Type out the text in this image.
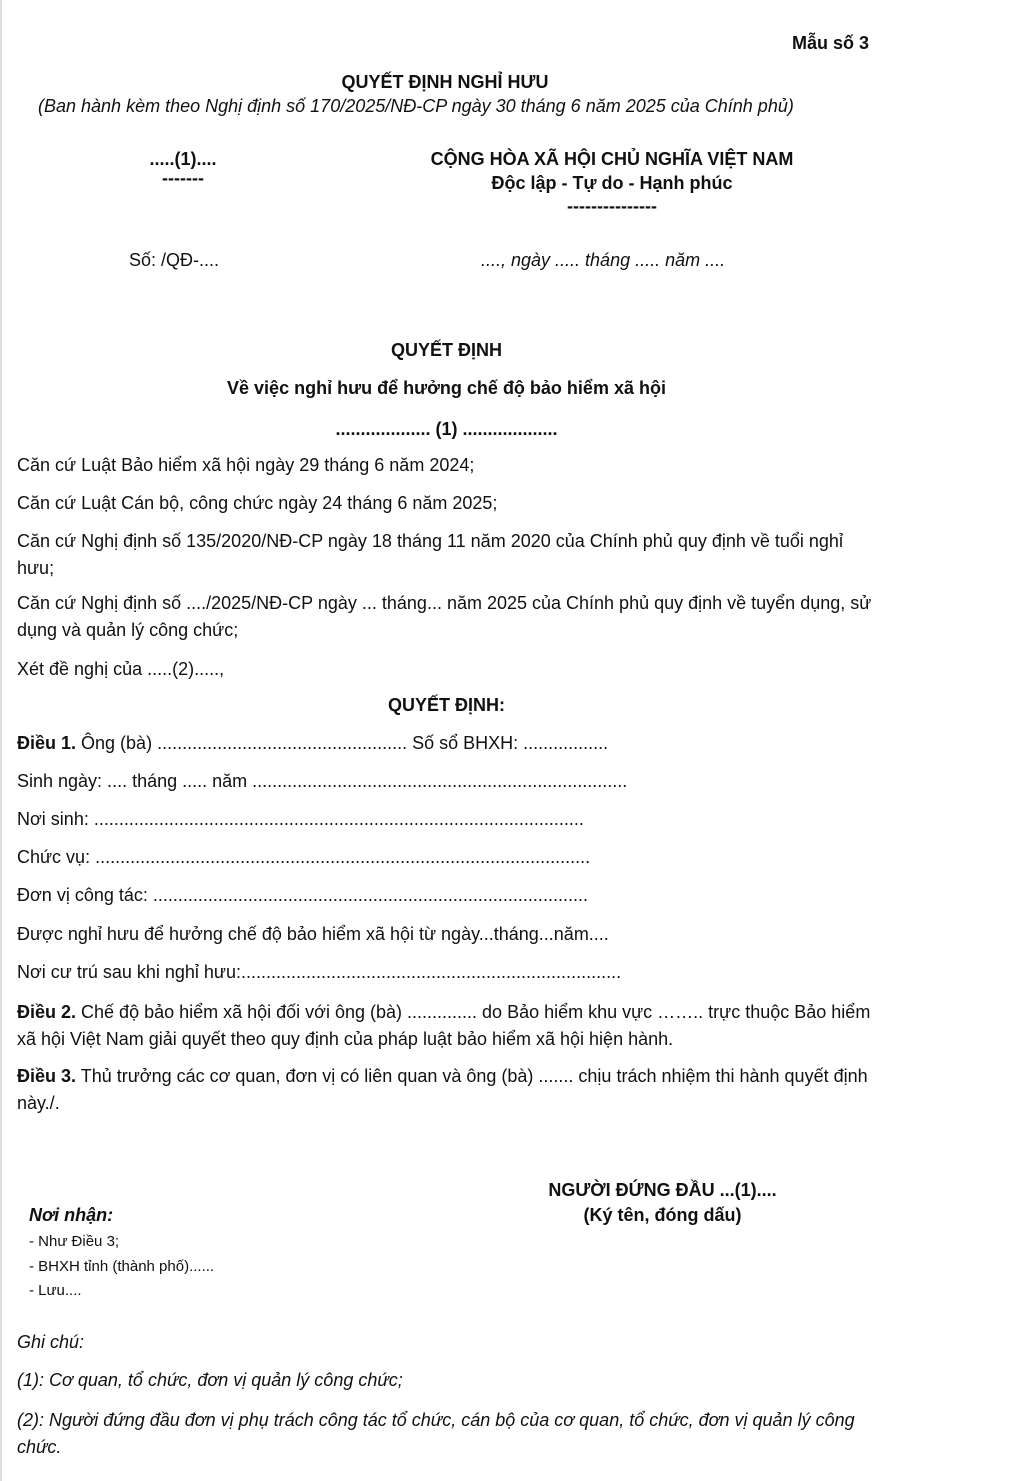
Mẫu số 3
QUYẾT ĐỊNH NGHỈ HƯU
(Ban hành kèm theo Nghị định số 170/2025/NĐ-CP ngày 30 tháng 6 năm 2025 của Chính phủ)
.....(1)....
-------
CỘNG HÒA XÃ HỘI CHỦ NGHĨA VIỆT NAM
Độc lập - Tự do - Hạnh phúc
---------------
Số: /QĐ-....	...., ngày ..... tháng ..... năm ....
QUYẾT ĐỊNH
Về việc nghỉ hưu để hưởng chế độ bảo hiểm xã hội
................... (1) ...................
Căn cứ Luật Bảo hiểm xã hội ngày 29 tháng 6 năm 2024;
Căn cứ Luật Cán bộ, công chức ngày 24 tháng 6 năm 2025;
Căn cứ Nghị định số 135/2020/NĐ-CP ngày 18 tháng 11 năm 2020 của Chính phủ quy định về tuổi nghỉ hưu;
Căn cứ Nghị định số ..../2025/NĐ-CP ngày ... tháng... năm 2025 của Chính phủ quy định về tuyển dụng, sử dụng và quản lý công chức;
Xét đề nghị của .....(2).....,
QUYẾT ĐỊNH:
Điều 1. Ông (bà) .................................................. Số sổ BHXH: .................
Sinh ngày: .... tháng ..... năm ...........................................................................
Nơi sinh: ..................................................................................................
Chức vụ: ...................................................................................................
Đơn vị công tác: .......................................................................................
Được nghỉ hưu để hưởng chế độ bảo hiểm xã hội từ ngày...tháng...năm....
Nơi cư trú sau khi nghỉ hưu:............................................................................
Điều 2. Chế độ bảo hiểm xã hội đối với ông (bà) .............. do Bảo hiểm khu vực …….. trực thuộc Bảo hiểm xã hội Việt Nam giải quyết theo quy định của pháp luật bảo hiểm xã hội hiện hành.
Điều 3. Thủ trưởng các cơ quan, đơn vị có liên quan và ông (bà) ....... chịu trách nhiệm thi hành quyết định này./.
NGƯỜI ĐỨNG ĐẦU ...(1)....
(Ký tên, đóng dấu)
Nơi nhận:
- Như Điều 3;
- BHXH tỉnh (thành phố)......
- Lưu....
Ghi chú:
(1): Cơ quan, tổ chức, đơn vị quản lý công chức;
(2): Người đứng đầu đơn vị phụ trách công tác tổ chức, cán bộ của cơ quan, tổ chức, đơn vị quản lý công chức.
